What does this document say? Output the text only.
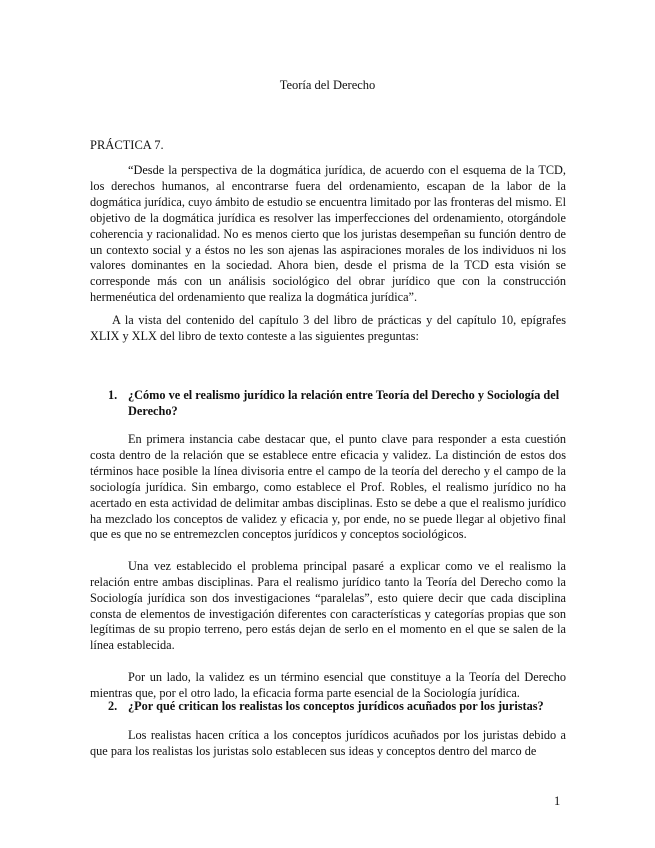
Teoría del Derecho
PRÁCTICA 7.

“Desde la perspectiva de la dogmática jurídica, de acuerdo con el esquema de la TCD, los derechos humanos, al encontrarse fuera del ordenamiento, escapan de la labor de la dogmática jurídica, cuyo ámbito de estudio se encuentra limitado por las fronteras del mismo. El objetivo de la dogmática jurídica es resolver las imperfecciones del ordenamiento, otorgándole coherencia y racionalidad. No es menos cierto que los juristas desempeñan su función dentro de un contexto social y a éstos no les son ajenas las aspiraciones morales de los individuos ni los valores dominantes en la sociedad. Ahora bien, desde el prisma de la TCD esta visión se corresponde más con un análisis sociológico del obrar jurídico que con la construcción hermenéutica del ordenamiento que realiza la dogmática jurídica”.

A la vista del contenido del capítulo 3 del libro de prácticas y del capítulo 10, epígrafes XLIX y XLX del libro de texto conteste a las siguientes preguntas:

1. ¿Cómo ve el realismo jurídico la relación entre Teoría del Derecho y Sociología del Derecho?

En primera instancia cabe destacar que, el punto clave para responder a esta cuestión costa dentro de la relación que se establece entre eficacia y validez. La distinción de estos dos términos hace posible la línea divisoria entre el campo de la teoría del derecho y el campo de la sociología jurídica. Sin embargo, como establece el Prof. Robles, el realismo jurídico no ha acertado en esta actividad de delimitar ambas disciplinas. Esto se debe a que el realismo jurídico ha mezclado los conceptos de validez y eficacia y, por ende, no se puede llegar al objetivo final que es que no se entremezclen conceptos jurídicos y conceptos sociológicos.

Una vez establecido el problema principal pasaré a explicar como ve el realismo la relación entre ambas disciplinas. Para el realismo jurídico tanto la Teoría del Derecho como la Sociología jurídica son dos investigaciones “paralelas”, esto quiere decir que cada disciplina consta de elementos de investigación diferentes con características y categorías propias que son legítimas de su propio terreno, pero estás dejan de serlo en el momento en el que se salen de la línea establecida.

Por un lado, la validez es un término esencial que constituye a la Teoría del Derecho mientras que, por el otro lado, la eficacia forma parte esencial de la Sociología jurídica.

2. ¿Por qué critican los realistas los conceptos jurídicos acuñados por los juristas?

Los realistas hacen crítica a los conceptos jurídicos acuñados por los juristas debido a que para los realistas los juristas solo establecen sus ideas y conceptos dentro del marco de

1
